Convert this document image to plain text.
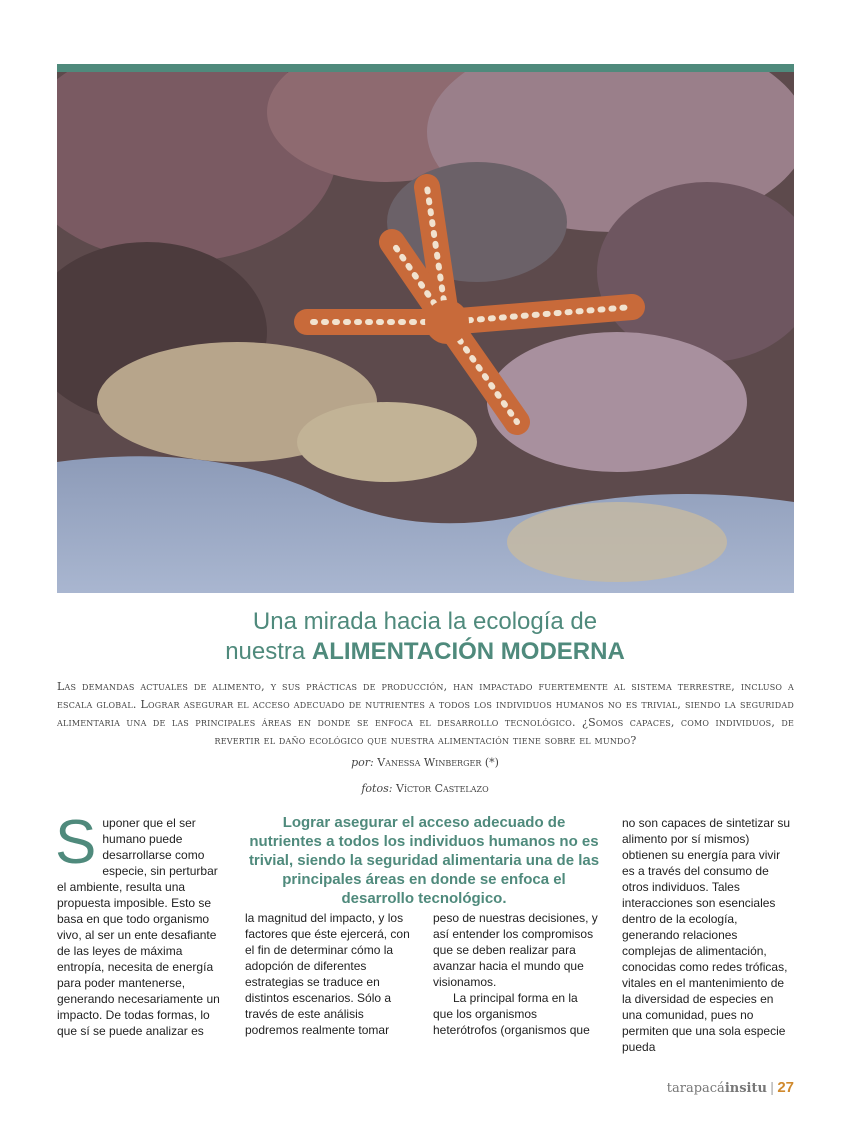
Una mirada hacia la ecología de
nuestra ALIMENTACIÓN MODERNA
Las demandas actuales de alimento, y sus prácticas de producción, han impactado fuertemente al sistema terrestre, incluso a escala global. Lograr asegurar el acceso adecuado de nutrientes a todos los individuos humanos no es trivial, siendo la seguridad alimentaria una de las principales áreas en donde se enfoca el desarrollo tecnológico. ¿Somos capaces, como individuos, de revertir el daño ecológico que nuestra alimentación tiene sobre el mundo?
por: Vanessa Winberger (*)
fotos: Víctor Castelazo
S uponer que el ser humano puede desarrollarse como especie, sin perturbar el ambiente, resulta una propuesta imposible. Esto se basa en que todo organismo vivo, al ser un ente desafiante de las leyes de máxima entropía, necesita de energía para poder mantenerse, generando necesariamente un impacto. De todas formas, lo que sí se puede analizar es

Lograr asegurar el acceso adecuado de nutrientes a todos los individuos humanos no es trivial, siendo la seguridad alimentaria una de las principales áreas en donde se enfoca el desarrollo tecnológico.

la magnitud del impacto, y los factores que éste ejercerá, con el fin de determinar cómo la adopción de diferentes estrategias se traduce en distintos escenarios. Sólo a través de este análisis podremos realmente tomar

peso de nuestras decisiones, y así entender los compromisos que se deben realizar para avanzar hacia el mundo que visionamos.

La principal forma en la que los organismos heterótrofos (organismos que

no son capaces de sintetizar su alimento por sí mismos) obtienen su energía para vivir es a través del consumo de otros individuos. Tales interacciones son esenciales dentro de la ecología, generando relaciones complejas de alimentación, conocidas como redes tróficas, vitales en el mantenimiento de la diversidad de especies en una comunidad, pues no permiten que una sola especie pueda

tarapacáinsitu | 27
